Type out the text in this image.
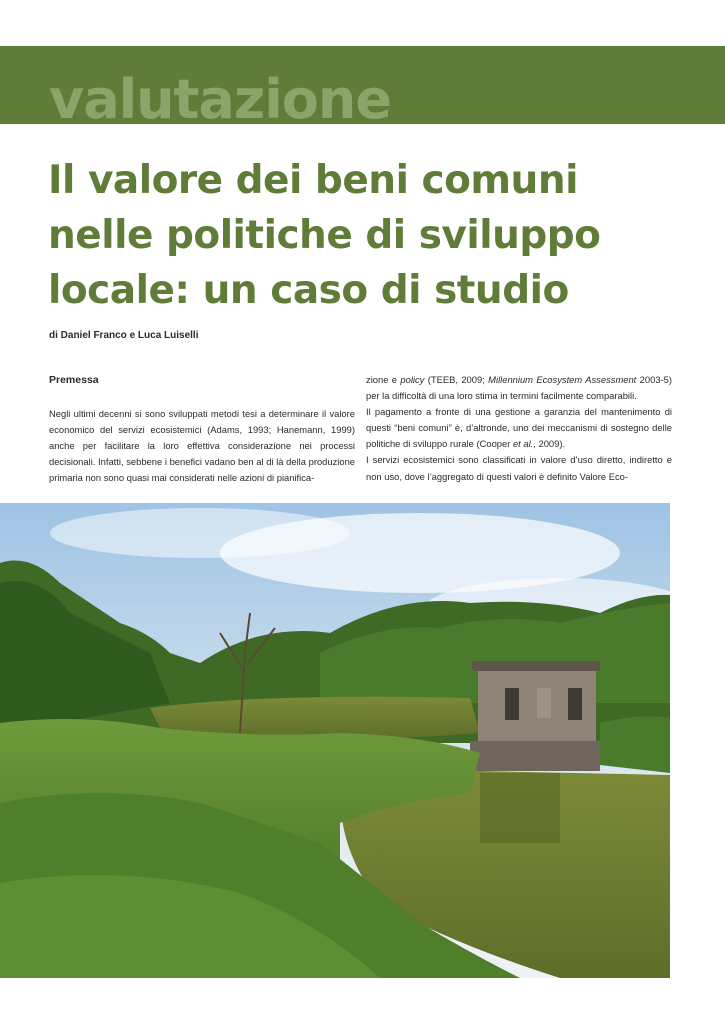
valutazione
Il valore dei beni comuni
nelle politiche di sviluppo
locale: un caso di studio
di Daniel Franco e Luca Luiselli
Premessa

Negli ultimi decenni si sono sviluppati metodi tesi a determinare il valore economico del servizi ecosistemici (Adams, 1993; Hanemann, 1999) anche per facilitare la loro effettiva considerazione nei processi decisionali. Infatti, sebbene i benefici vadano ben al di là della produzione primaria non sono quasi mai considerati nelle azioni di pianifica-

zione e policy (TEEB, 2009; Millennium Ecosystem Assessment 2003-5) per la difficoltà di una loro stima in termini facilmente comparabili.

Il pagamento a fronte di una gestione a garanzia del mantenimento di questi “beni comuni” è, d’altronde, uno dei meccanismi di sostegno delle politiche di sviluppo rurale (Cooper et al., 2009).

I servizi ecosistemici sono classificati in valore d’uso diretto, indiretto e non uso, dove l’aggregato di questi valori è definito Valore Eco-
